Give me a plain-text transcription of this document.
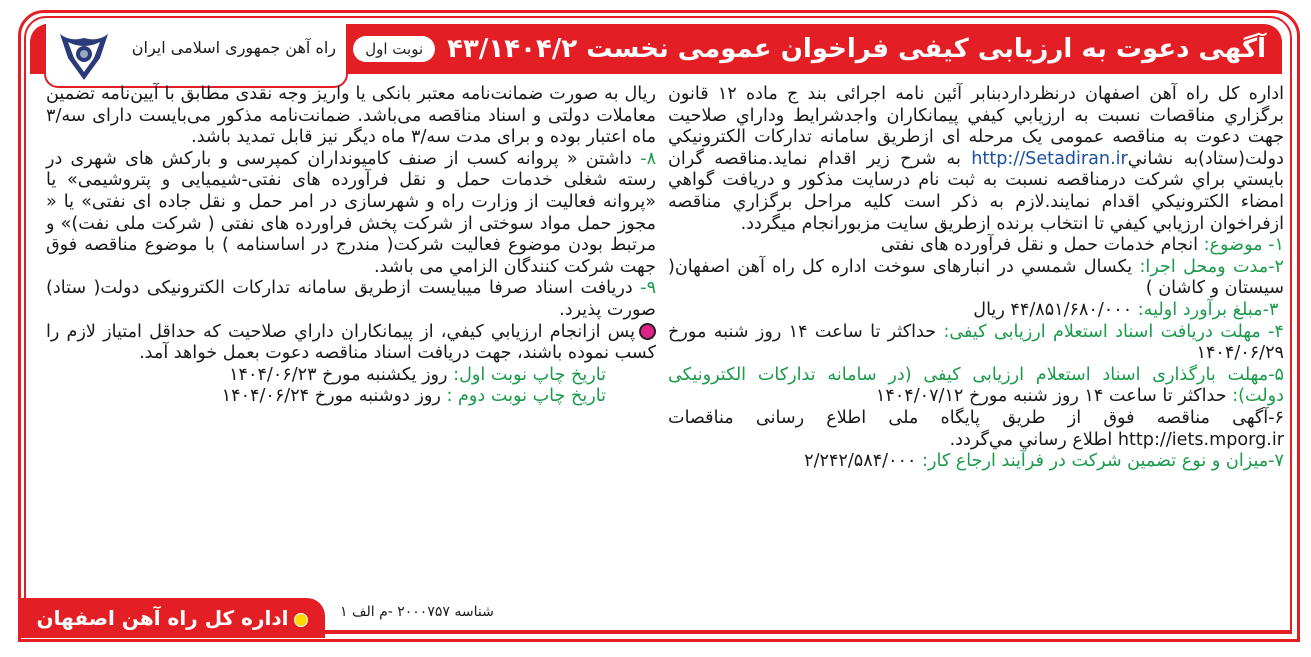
آگهی دعوت به ارزیابی کیفی فراخوان عمومی نخست ۴۳/۱۴۰۴/۲
نوبت اول
راه آهن جمهوری اسلامی ایران

اداره کل راه آهن اصفهان درنظرداردبنابر آئین نامه اجرائی بند ج ماده ۱۲ قانون برگزاري مناقصات نسبت به ارزيابي كيفي پيمانكاران واجدشرايط وداراي صلاحيت جهت دعوت به مناقصه عمومی یک مرحله ای ازطريق سامانه تداركات الكترونيكي دولت(ستاد)به نشانيhttp://Setadiran.ir به شرح زير اقدام نمايد.مناقصه گران بايستي براي شركت درمناقصه نسبت به ثبت نام درسايت مذكور و دريافت گواهي امضاء الكترونيكي اقدام نمايند.لازم به ذکر است كليه مراحل برگزاري مناقصه ازفراخوان ارزيابي كيفي تا انتخاب برنده ازطريق سايت مزبورانجام ميگردد.

۱- موضوع: انجام خدمات حمل و نقل فرآورده های نفتی

۲-مدت ومحل اجرا: یکسال شمسي در انبارهای سوخت اداره کل راه آهن اصفهان( سیستان و کاشان )

۳-مبلغ برآورد اولیه: ۴۴/۸۵۱/۶۸۰/۰۰۰ ریال

۴- مهلت دریافت اسناد استعلام ارزیابی کیفی: حداکثر تا ساعت ۱۴ روز شنبه مورخ ۱۴۰۴/۰۶/۲۹

۵-مهلت بارگذاری اسناد استعلام ارزیابی کیفی (در سامانه تدارکات الکترونیکی دولت): حداکثر تا ساعت ۱۴ روز شنبه مورخ ۱۴۰۴/۰۷/۱۲

۶-آگهی مناقصه فوق از طریق پایگاه ملی اطلاع رسانی مناقصات http://iets.mporg.ir اطلاع رساني مي‌گردد.

۷-میزان و نوع تضمین شرکت در فرآیند ارجاع کار: ۲/۲۴۲/۵۸۴/۰۰۰

ریال به صورت ضمانت‌نامه معتبر بانکی یا واریز وجه نقدی مطابق با آیین‌نامه تضمین معاملات دولتی و اسناد مناقصه می‌باشد. ضمانت‌نامه مذکور می‌بایست دارای سه/۳ ماه اعتبار بوده و برای مدت سه/۳ ماه دیگر نیز قابل تمدید باشد.

۸- داشتن « پروانه کسب از صنف کامیونداران کمپرسی و بارکش های شهری در رسته شغلی خدمات حمل و نقل فرآورده های نفتی-شیمیایی و پتروشیمی» یا «پروانه فعالیت از وزارت راه و شهرسازی در امر حمل و نقل جاده ای نفتی» یا « مجوز حمل مواد سوختی از شرکت پخش فراورده های نفتی ( شرکت ملی نفت)» و مرتبط بودن موضوع فعالیت شرکت( مندرج در اساسنامه ) با موضوع مناقصه فوق جهت شرکت کنندگان الزامي می باشد.

۹- دریافت اسناد صرفا میبایست ازطریق سامانه تدارکات الکترونیکی دولت( ستاد) صورت پذیرد.

پس ازانجام ارزيابي كيفي، از پيمانكاران داراي صلاحيت كه حداقل امتياز لازم را كسب نموده باشند، جهت دريافت اسناد مناقصه دعوت بعمل خواهد آمد.

تاریخ چاپ نوبت اول: روز یکشنبه مورخ ۱۴۰۴/۰۶/۲۳

تاریخ چاپ نوبت دوم : روز دوشنبه مورخ ۱۴۰۴/۰۶/۲۴

شناسه ۲۰۰۰۷۵۷ -م الف ۱
اداره کل راه آهن اصفهان
